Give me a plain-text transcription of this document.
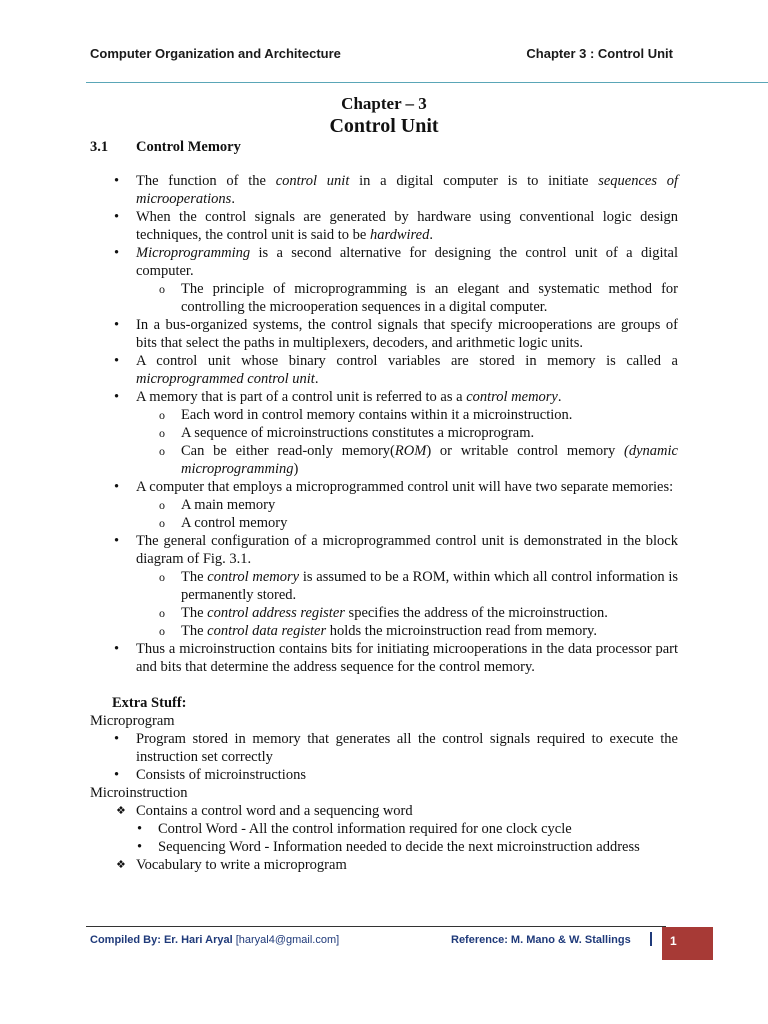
Computer Organization and Architecture	Chapter 3 : Control Unit
Chapter – 3
Control Unit
3.1	Control Memory
• The function of the control unit in a digital computer is to initiate sequences of microoperations.
• When the control signals are generated by hardware using conventional logic design techniques, the control unit is said to be hardwired.
• Microprogramming is a second alternative for designing the control unit of a digital computer.
o The principle of microprogramming is an elegant and systematic method for controlling the microoperation sequences in a digital computer.
• In a bus-organized systems, the control signals that specify microoperations are groups of bits that select the paths in multiplexers, decoders, and arithmetic logic units.
• A control unit whose binary control variables are stored in memory is called a microprogrammed control unit.
• A memory that is part of a control unit is referred to as a control memory.
o Each word in control memory contains within it a microinstruction.
o A sequence of microinstructions constitutes a microprogram.
o Can be either read-only memory(ROM) or writable control memory (dynamic microprogramming)
• A computer that employs a microprogrammed control unit will have two separate memories:
o A main memory
o A control memory
• The general configuration of a microprogrammed control unit is demonstrated in the block diagram of Fig. 3.1.
o The control memory is assumed to be a ROM, within which all control information is permanently stored.
o The control address register specifies the address of the microinstruction.
o The control data register holds the microinstruction read from memory.
• Thus a microinstruction contains bits for initiating microoperations in the data processor part and bits that determine the address sequence for the control memory.
Extra Stuff:
Microprogram
• Program stored in memory that generates all the control signals required to execute the instruction set correctly
• Consists of microinstructions
Microinstruction
❖ Contains a control word and a sequencing word
• Control Word - All the control information required for one clock cycle
• Sequencing Word - Information needed to decide the next microinstruction address
❖ Vocabulary to write a microprogram
Compiled By: Er. Hari Aryal [haryal4@gmail.com]	Reference: M. Mano & W. Stallings	1
